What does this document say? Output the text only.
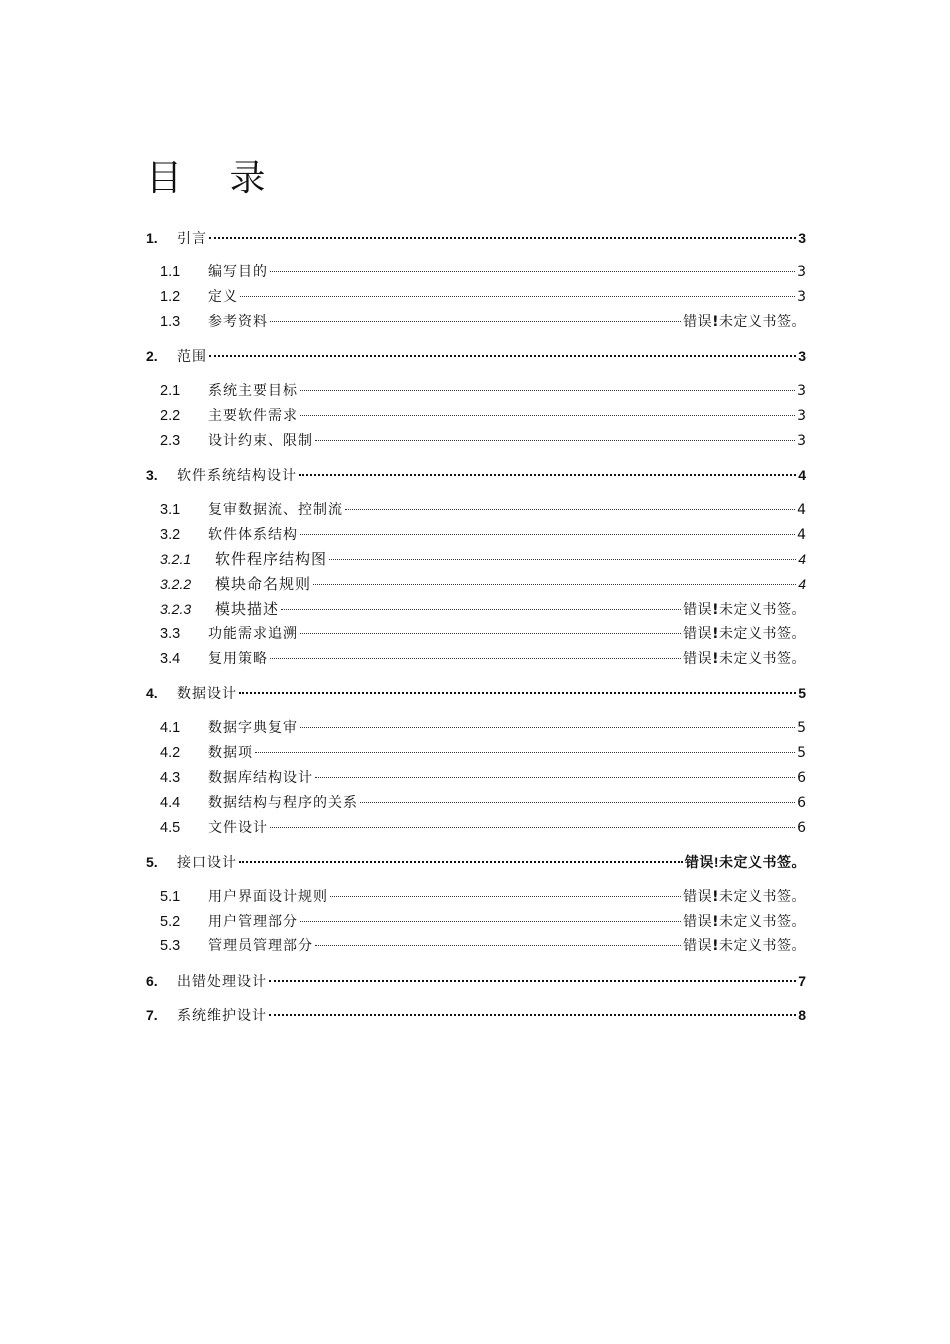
目 录
1.	引言	3
1.1	编写目的	3
1.2	定义	3
1.3	参考资料	错误!未定义书签。
2.	范围	3
2.1	系统主要目标	3
2.2	主要软件需求	3
2.3	设计约束、限制	3
3.	软件系统结构设计	4
3.1	复审数据流、控制流	4
3.2	软件体系结构	4
3.2.1	软件程序结构图	4
3.2.2	模块命名规则	4
3.2.3	模块描述	错误!未定义书签。
3.3	功能需求追溯	错误!未定义书签。
3.4	复用策略	错误!未定义书签。
4.	数据设计	5
4.1	数据字典复审	5
4.2	数据项	5
4.3	数据库结构设计	6
4.4	数据结构与程序的关系	6
4.5	文件设计	6
5.	接口设计	错误!未定义书签。
5.1	用户界面设计规则	错误!未定义书签。
5.2	用户管理部分	错误!未定义书签。
5.3	管理员管理部分	错误!未定义书签。
6.	出错处理设计	7
7.	系统维护设计	8
